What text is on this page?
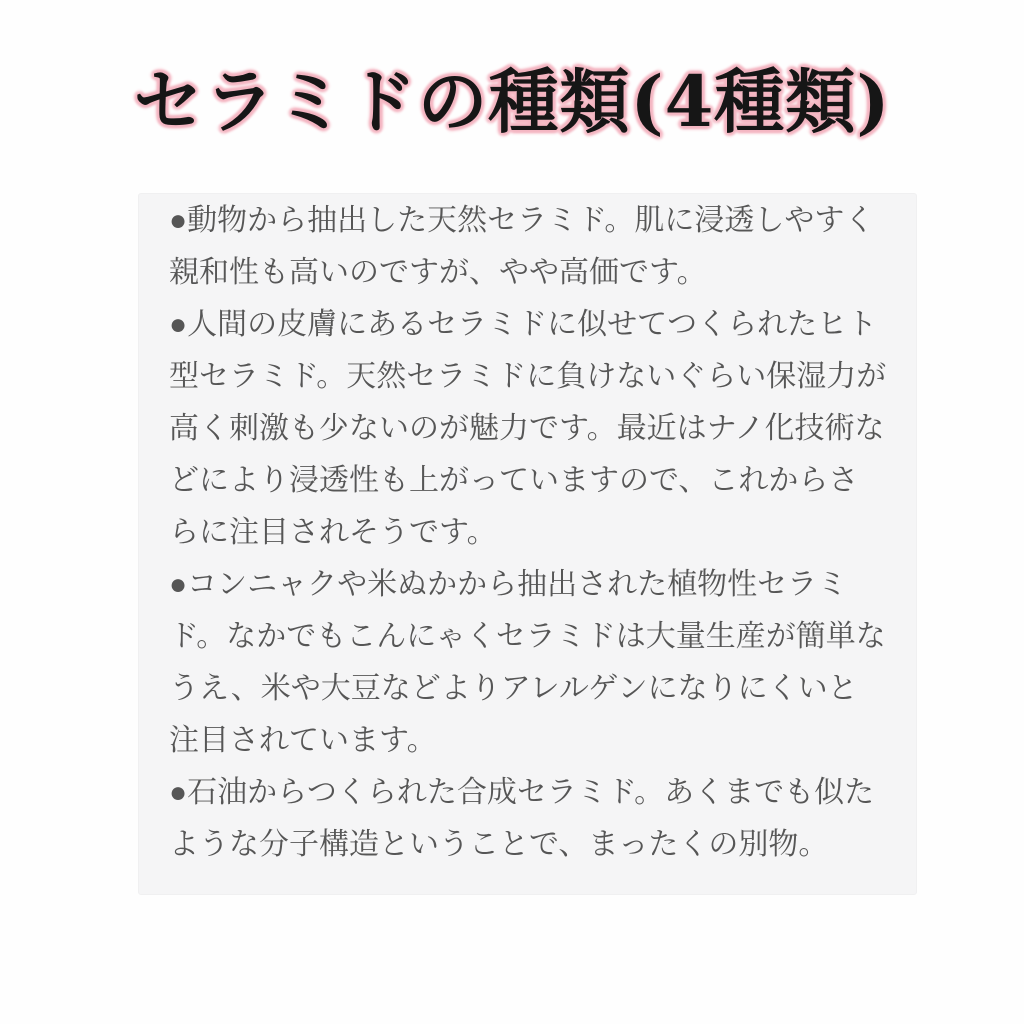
セラミドの種類(4種類)

●動物から抽出した天然セラミド。肌に浸透しやすく親和性も高いのですが、やや高価です。

●人間の皮膚にあるセラミドに似せてつくられたヒト型セラミド。天然セラミドに負けないぐらい保湿力が高く刺激も少ないのが魅力です。最近はナノ化技術などにより浸透性も上がっていますので、これからさらに注目されそうです。

●コンニャクや米ぬかから抽出された植物性セラミド。なかでもこんにゃくセラミドは大量生産が簡単なうえ、米や大豆などよりアレルゲンになりにくいと注目されています。

●石油からつくられた合成セラミド。あくまでも似たような分子構造ということで、まったくの別物。
